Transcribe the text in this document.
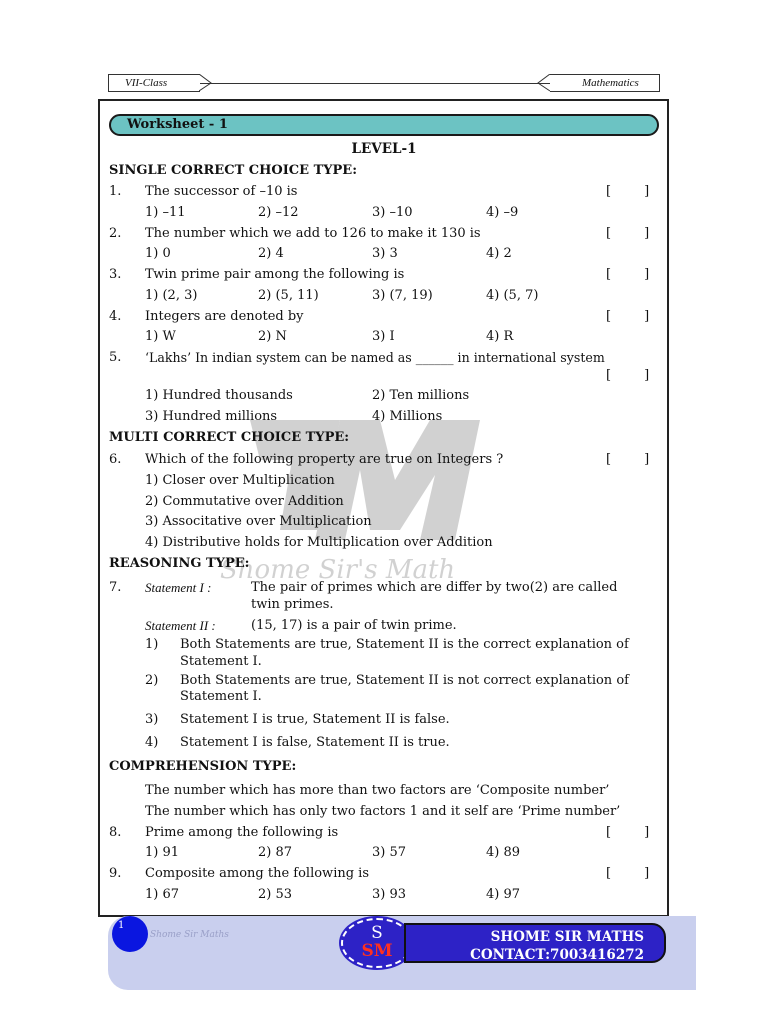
VII-Class	Mathematics
Shome Sir's Math
Worksheet - 1
LEVEL-1
SINGLE CORRECT CHOICE TYPE:
1. The successor of –10 is	[        ]
1) –11	2) –12	3) –10	4) –9
2. The number which we add to 126 to make it 130 is	[        ]
1) 0	2) 4	3) 3	4) 2
3. Twin prime pair among the following is	[        ]
1) (2, 3)	2) (5, 11)	3) (7, 19)	4) (5, 7)
4. Integers are denoted by	[        ]
1) W	2) N	3) I	4) R
5. ‘Lakhs’ In indian system can be named as ______ in international system
[        ]
1) Hundred thousands	2) Ten millions
3) Hundred millions	4) Millions
MULTI CORRECT CHOICE TYPE:
6. Which of the following property are true on Integers ?	[        ]
1) Closer over Multiplication
2) Commutative over Addition
3) Associtative over Multiplication
4) Distributive holds for Multiplication over Addition
REASONING TYPE:
7. Statement I :	The pair of primes which are differ by two(2) are called
twin primes.
Statement II :	(15, 17) is a pair of twin prime.
1) Both Statements are true, Statement II is the correct explanation of
Statement I.
2) Both Statements are true, Statement II is not correct explanation of
Statement I.
3) Statement I is true, Statement II is false.
4) Statement I is false, Statement II is true.
COMPREHENSION TYPE:
The number which has more than two factors are ‘Composite number’
The number which has only two factors 1 and it self are ‘Prime number’
8. Prime among the following is	[        ]
1) 91	2) 87	3) 57	4) 89
9. Composite among the following is	[        ]
1) 67	2) 53	3) 93	4) 97
1
Shome Sir Maths	S
SM
SHOME SIR MATHS
CONTACT:7003416272
